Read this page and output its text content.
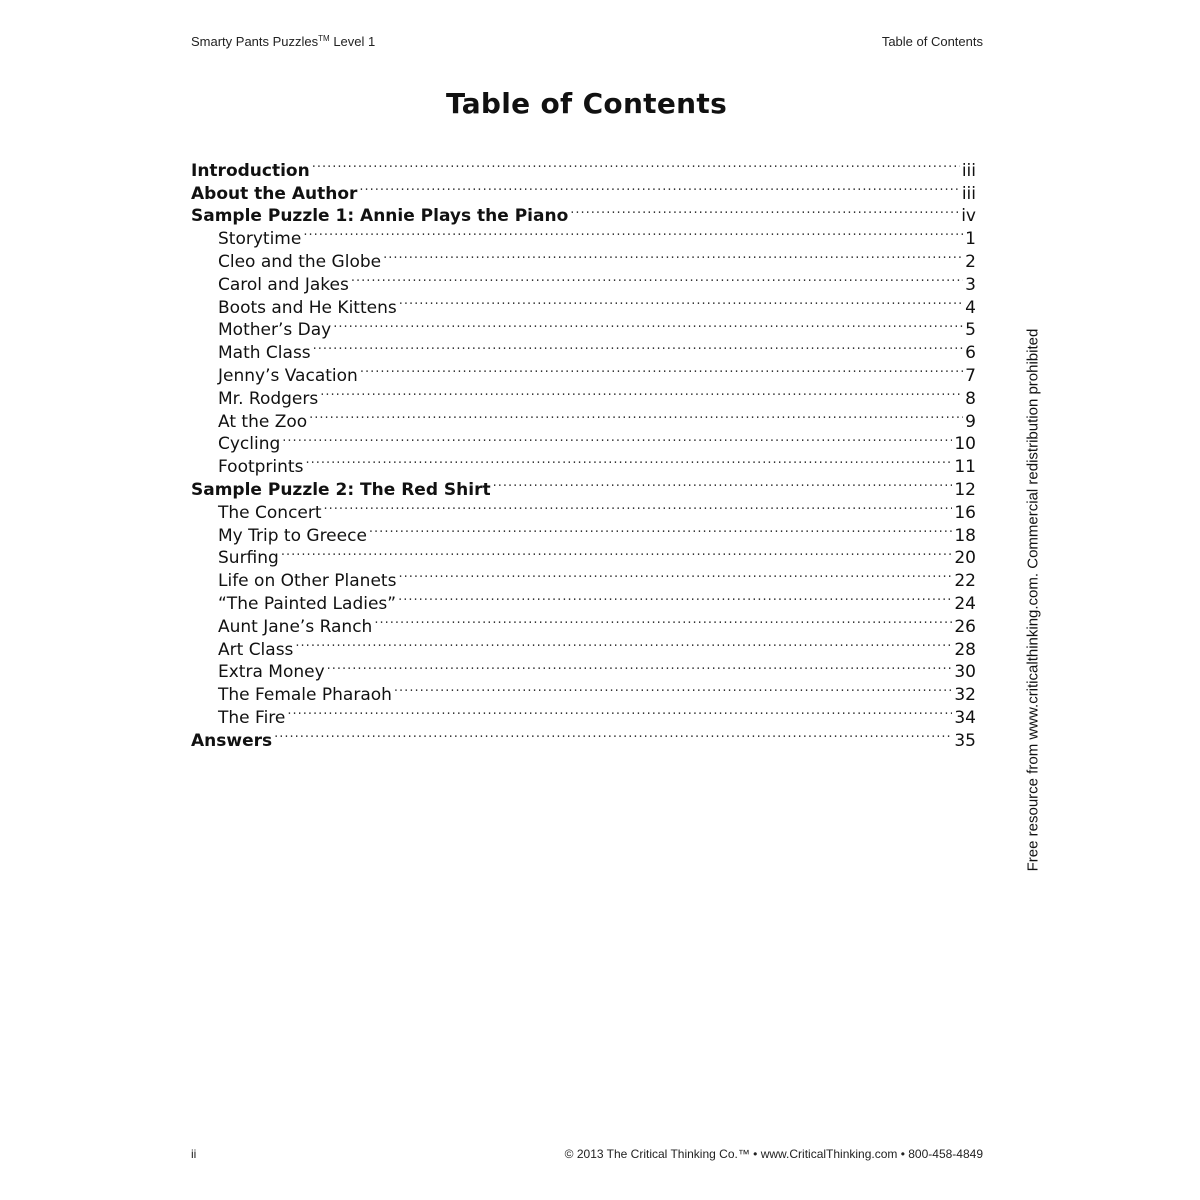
Smarty Pants Puzzles™ Level 1	Table of Contents
Table of Contents
Introduction .....	iii
About the Author .....	iii
Sample Puzzle 1: Annie Plays the Piano .....	iv
Storytime .....	1
Cleo and the Globe .....	2
Carol and Jakes .....	3
Boots and He Kittens .....	4
Mother’s Day .....	5
Math Class .....	6
Jenny’s Vacation .....	7
Mr. Rodgers .....	8
At the Zoo .....	9
Cycling .....	10
Footprints .....	11
Sample Puzzle 2: The Red Shirt .....	12
The Concert .....	16
My Trip to Greece .....	18
Surfing .....	20
Life on Other Planets .....	22
“The Painted Ladies” .....	24
Aunt Jane’s Ranch .....	26
Art Class .....	28
Extra Money .....	30
The Female Pharaoh .....	32
The Fire .....	34
Answers .....	35	Free resource from www.criticalthinking.com. Commercial redistribution prohibited
ii	© 2013 The Critical Thinking Co.™ • www.CriticalThinking.com • 800-458-4849
